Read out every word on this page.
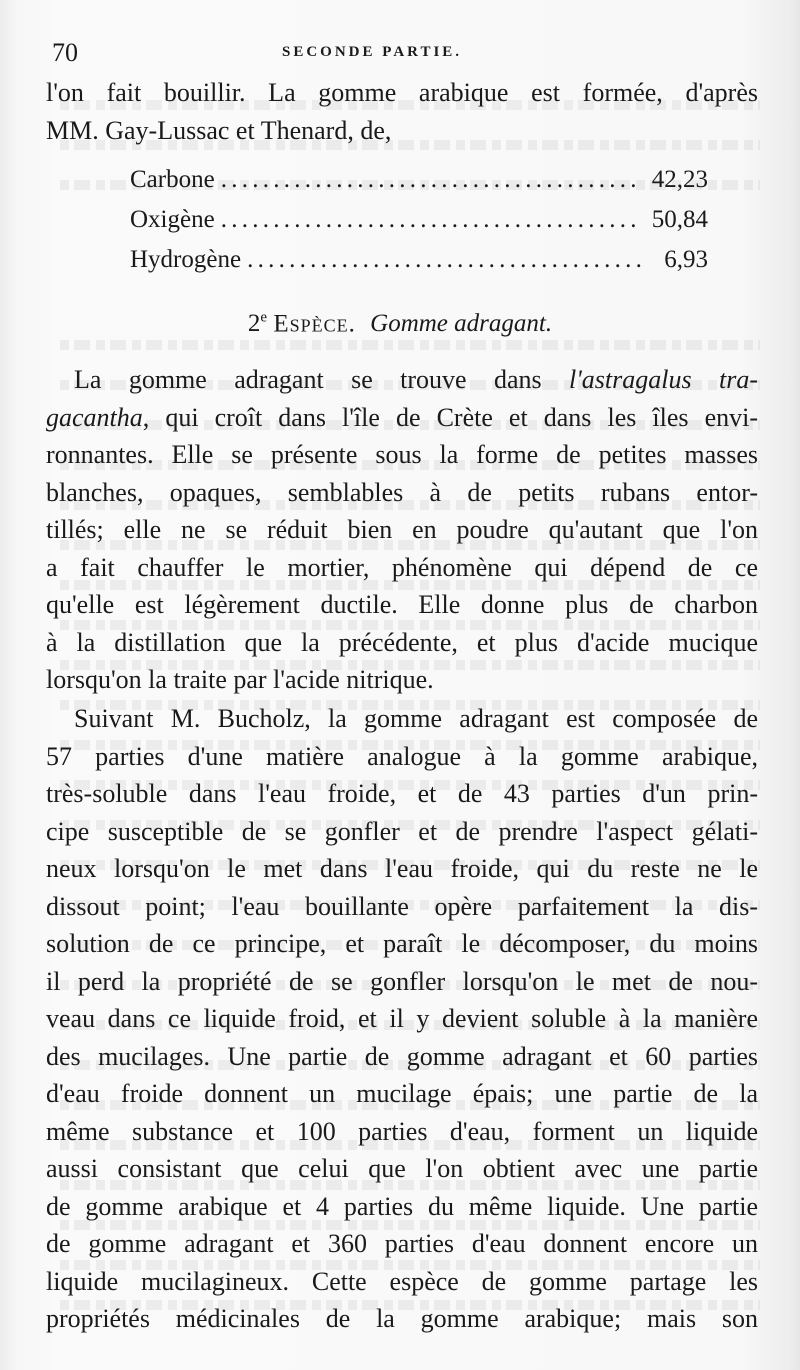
70	SECONDE PARTIE.
l'on fait bouillir. La gomme arabique est formée, d'après
MM. Gay-Lussac et Thenard, de,
Carbone . . .	42,23
Oxigène . . .	50,84
Hydrogène . . .	6,93
2e Espèce. Gomme adragant.
La gomme adragant se trouve dans l'astragalus tra-
gacantha, qui croît dans l'île de Crète et dans les îles envi-
ronnantes. Elle se présente sous la forme de petites masses
blanches, opaques, semblables à de petits rubans entor-
tillés; elle ne se réduit bien en poudre qu'autant que l'on
a fait chauffer le mortier, phénomène qui dépend de ce
qu'elle est légèrement ductile. Elle donne plus de charbon
à la distillation que la précédente, et plus d'acide mucique
lorsqu'on la traite par l'acide nitrique.
Suivant M. Bucholz, la gomme adragant est composée de
57 parties d'une matière analogue à la gomme arabique,
très-soluble dans l'eau froide, et de 43 parties d'un prin-
cipe susceptible de se gonfler et de prendre l'aspect gélati-
neux lorsqu'on le met dans l'eau froide, qui du reste ne le
dissout point; l'eau bouillante opère parfaitement la dis-
solution de ce principe, et paraît le décomposer, du moins
il perd la propriété de se gonfler lorsqu'on le met de nou-
veau dans ce liquide froid, et il y devient soluble à la manière
des mucilages. Une partie de gomme adragant et 60 parties
d'eau froide donnent un mucilage épais; une partie de la
même substance et 100 parties d'eau, forment un liquide
aussi consistant que celui que l'on obtient avec une partie
de gomme arabique et 4 parties du même liquide. Une partie
de gomme adragant et 360 parties d'eau donnent encore un
liquide mucilagineux. Cette espèce de gomme partage les
propriétés médicinales de la gomme arabique; mais son
